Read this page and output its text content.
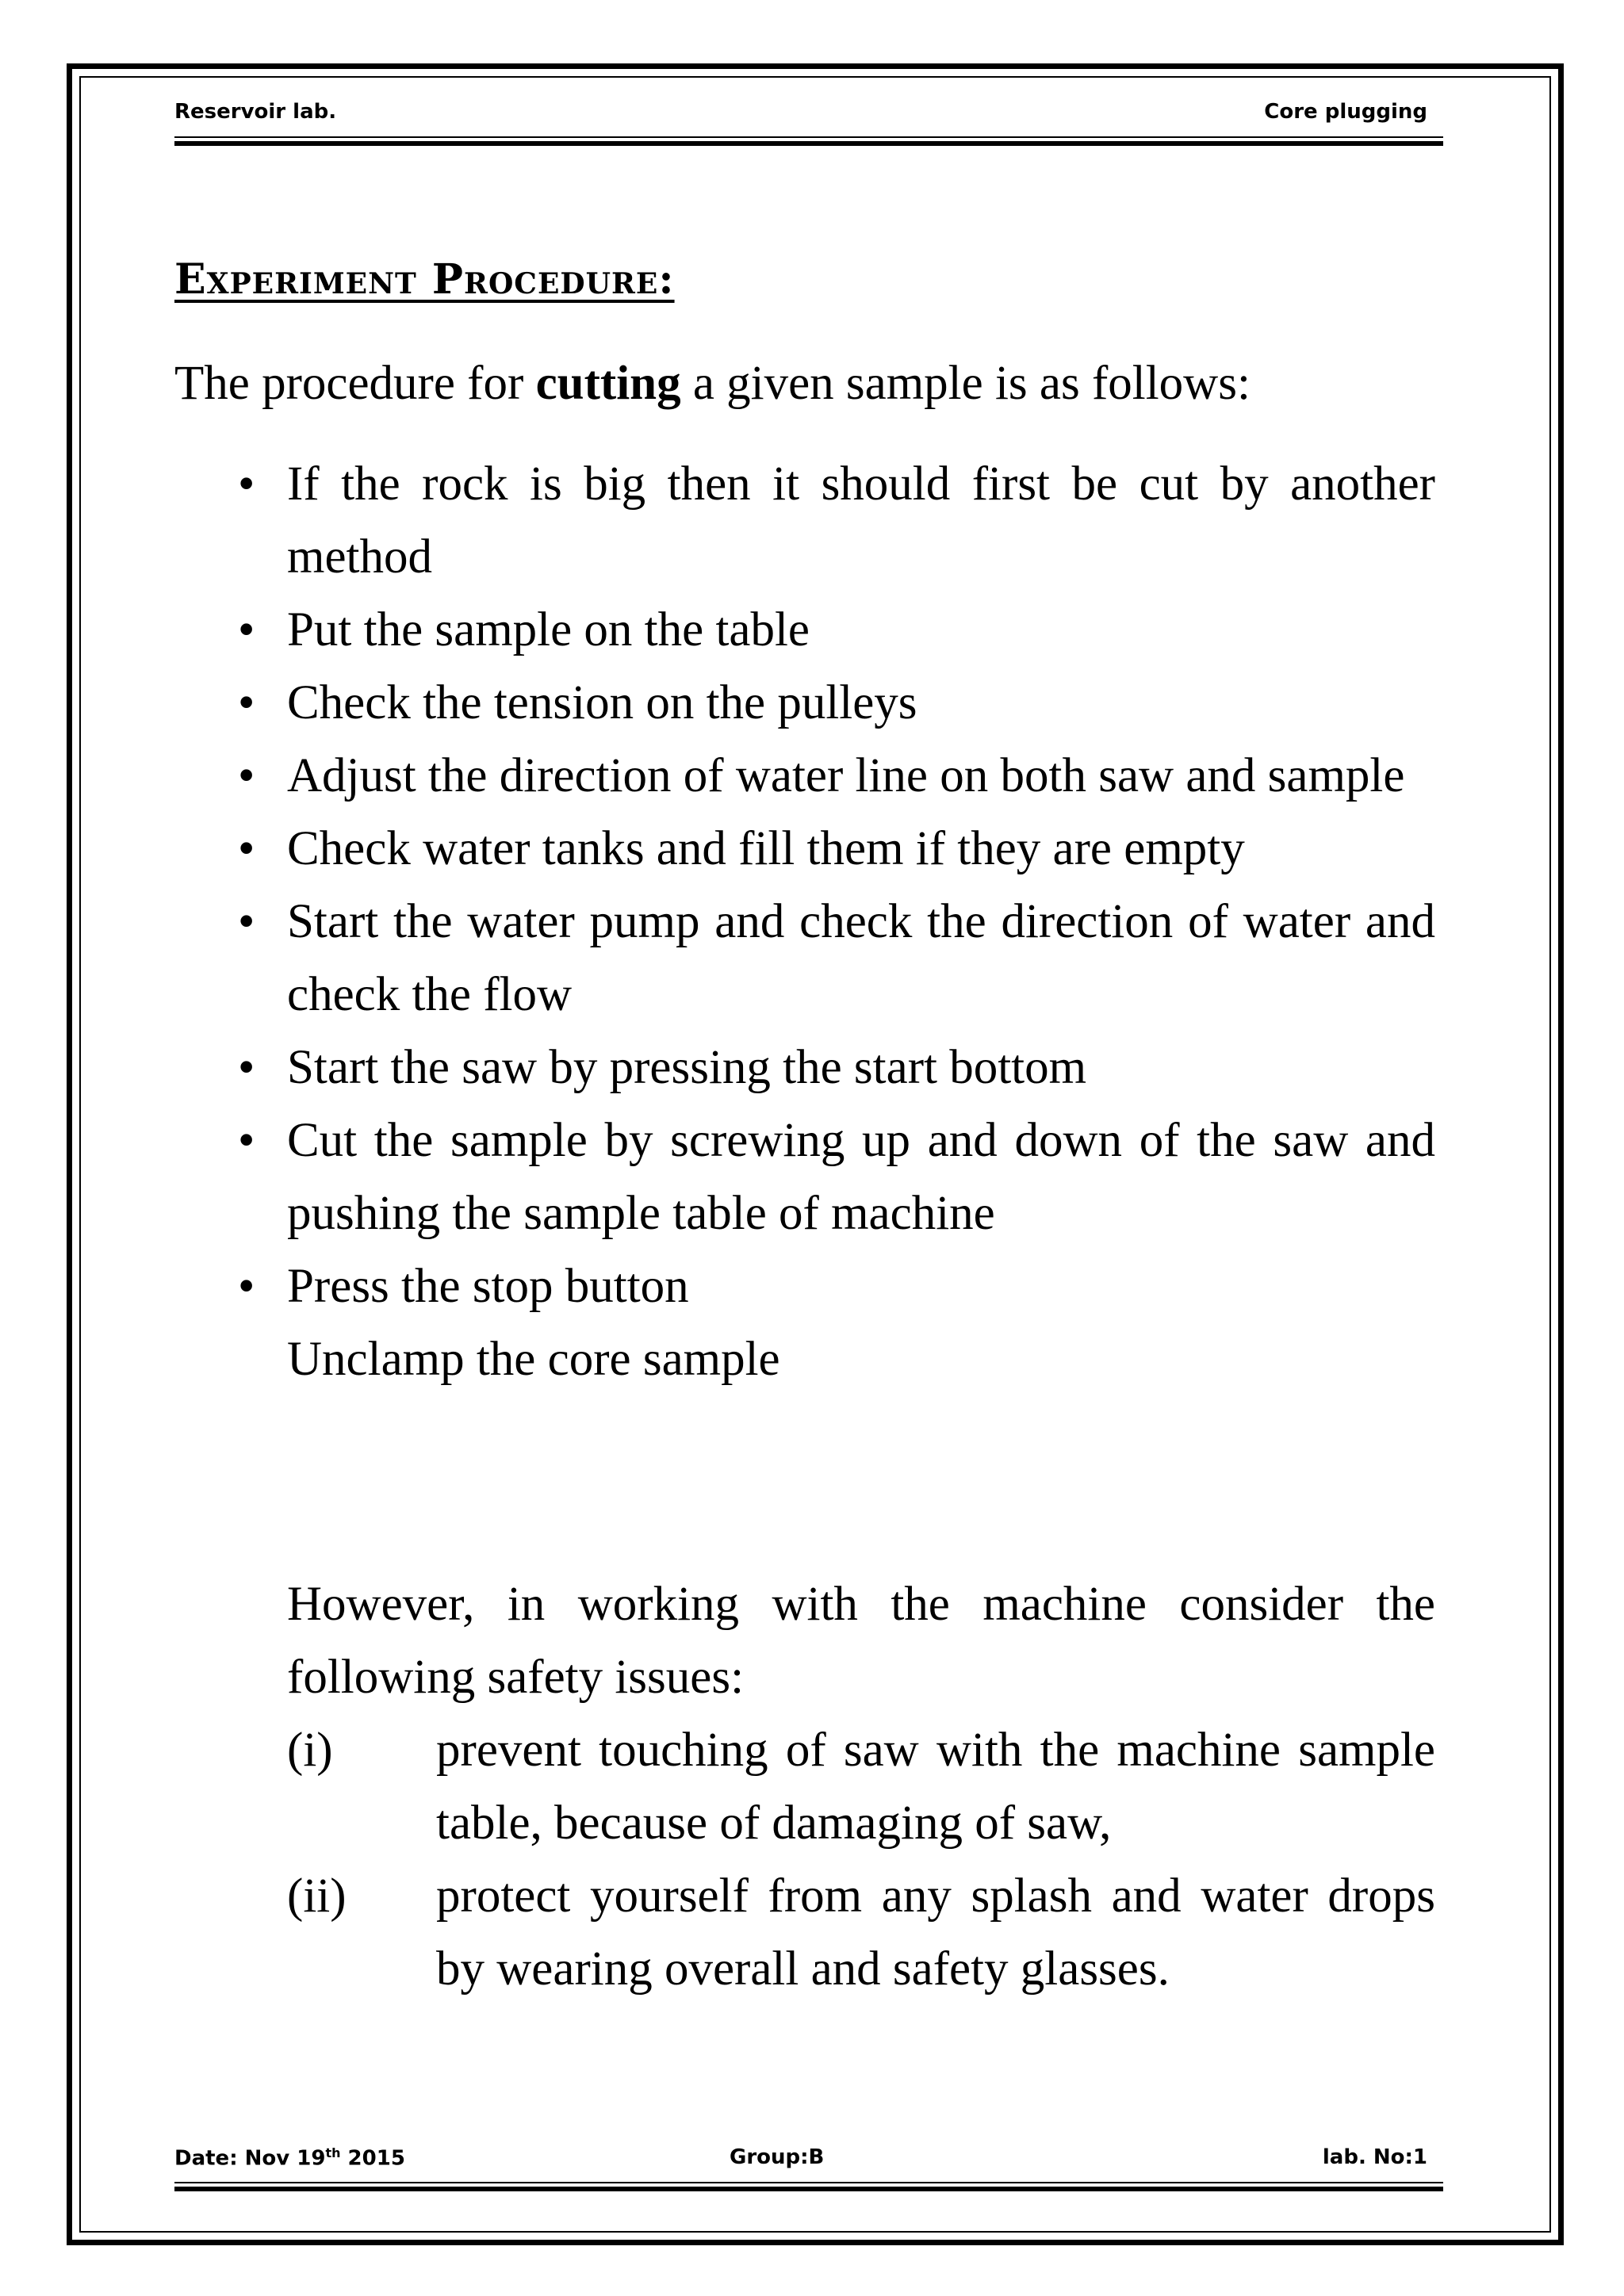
Reservoir lab.	Core plugging
Experiment Procedure:
The procedure for cutting a given sample is as follows:
• If the rock is big then it should first be cut by another method
• Put the sample on the table
• Check the tension on the pulleys
• Adjust the direction of water line on both saw and sample
• Check water tanks and fill them if they are empty
• Start the water pump and check the direction of water and check the flow
• Start the saw by pressing the start bottom
• Cut the sample by screwing up and down of the saw and pushing the sample table of machine
• Press the stop button
Unclamp the core sample
However, in working with the machine consider the following safety issues:
(i) prevent touching of saw with the machine sample table, because of damaging of saw,
(ii) protect yourself from any splash and water drops by wearing overall and safety glasses.
Date: Nov 19th 2015	Group:B	lab. No:1
